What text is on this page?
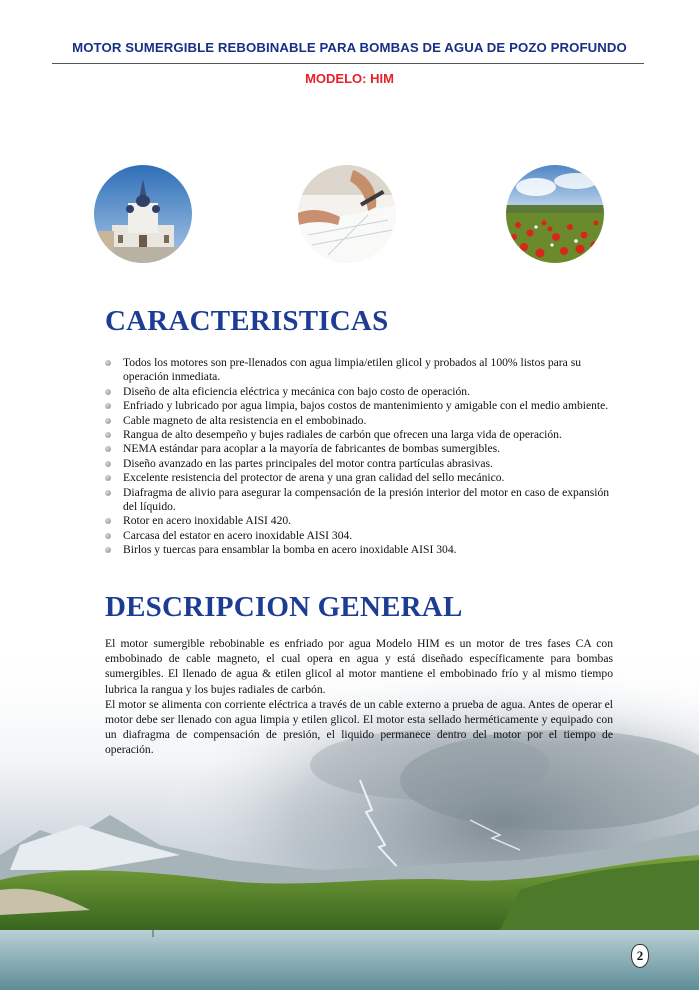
MOTOR SUMERGIBLE REBOBINABLE PARA BOMBAS DE AGUA DE POZO PROFUNDO
MODELO: HIM
CARACTERISTICAS
Todos los motores son pre-llenados con agua limpia/etilen glicol y probados al 100% listos para su operación inmediata.
Diseño de alta eficiencia eléctrica y mecánica con bajo costo de operación.
Enfriado y lubricado por agua limpia, bajos costos de mantenimiento y amigable con el medio ambiente.
Cable magneto de alta resistencia en el embobinado.
Rangua de alto desempeño y bujes radiales de carbón que ofrecen una larga vida de operación.
NEMA estándar para acoplar a la mayoría de fabricantes de bombas sumergibles.
Diseño avanzado en las partes principales del motor contra partículas abrasivas.
Excelente resistencia del protector de arena y una gran calidad del sello mecánico.
Diafragma de alivio para asegurar la compensación de la presión interior del motor en caso de expansión del líquido.
Rotor en acero inoxidable AISI 420.
Carcasa del estator en acero inoxidable AISI 304.
Birlos y tuercas para ensamblar la bomba en acero inoxidable AISI 304.
DESCRIPCION GENERAL

El motor sumergible rebobinable es enfriado por agua Modelo HIM es un motor de tres fases CA con embobinado de cable magneto, el cual opera en agua y está diseñado específicamente para bombas sumergibles. El llenado de agua & etilen glicol al motor mantiene el embobinado frío y al mismo tiempo lubrica la rangua y los bujes radiales de carbón.

El motor se alimenta con corriente eléctrica a través de un cable externo a prueba de agua. Antes de operar el motor debe ser llenado con agua limpia y etilen glicol. El motor esta sellado herméticamente y equipado con un diafragma de compensación de presión, el liquido permanece dentro del motor por el tiempo de operación.

2
